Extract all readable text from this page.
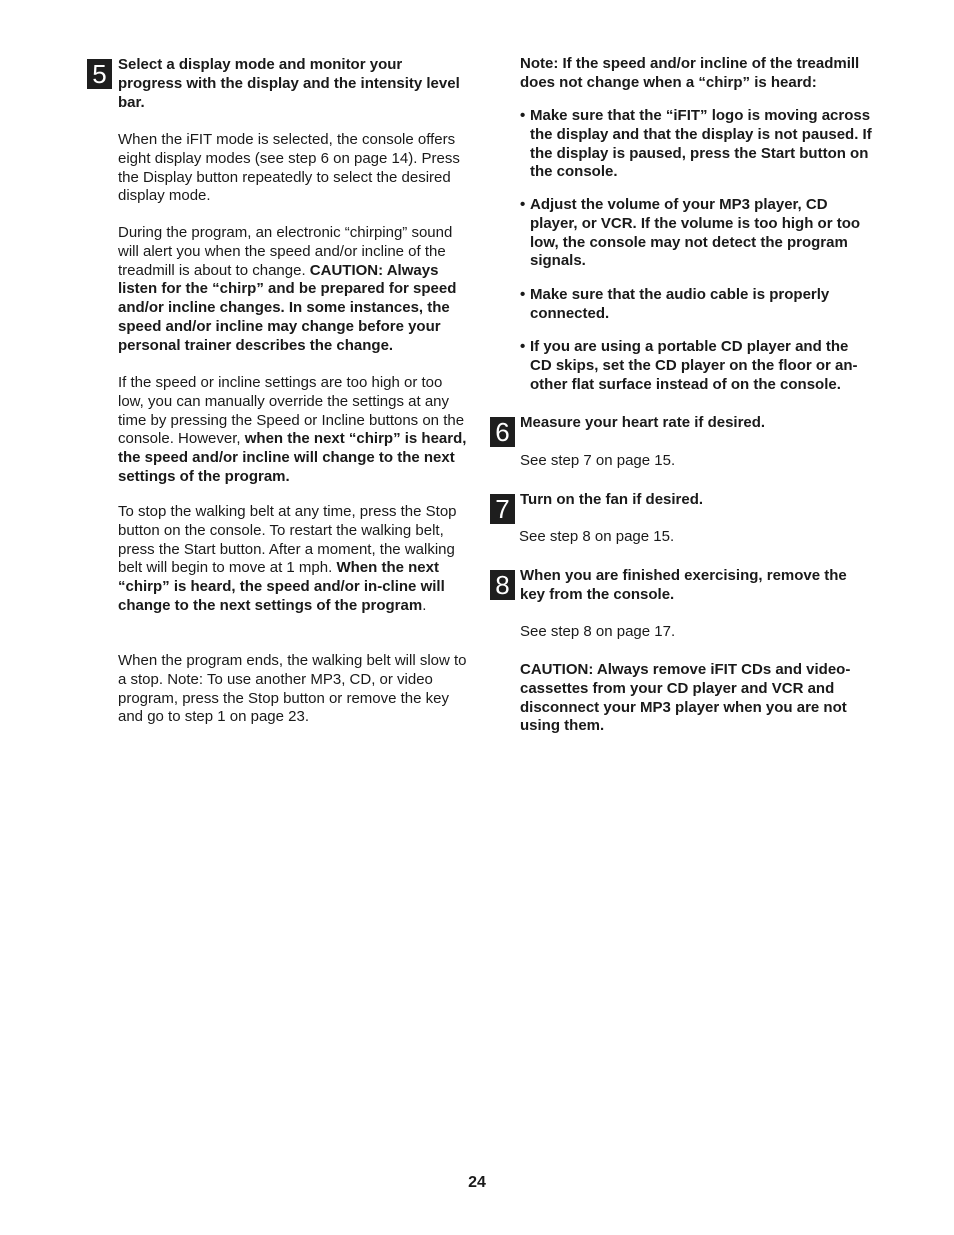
5 Select a display mode and monitor your progress with the display and the intensity level bar.

When the iFIT mode is selected, the console offers eight display modes (see step 6 on page 14). Press the Display button repeatedly to select the desired display mode.

During the program, an electronic “chirping” sound will alert you when the speed and/or incline of the treadmill is about to change. CAUTION: Always listen for the “chirp” and be prepared for speed and/or incline changes. In some instances, the speed and/or incline may change before your personal trainer describes the change.

If the speed or incline settings are too high or too low, you can manually override the settings at any time by pressing the Speed or Incline buttons on the console. However, when the next “chirp” is heard, the speed and/or incline will change to the next settings of the program.

To stop the walking belt at any time, press the Stop button on the console. To restart the walking belt, press the Start button. After a moment, the walking belt will begin to move at 1 mph. When the next “chirp” is heard, the speed and/or in-cline will change to the next settings of the program.

When the program ends, the walking belt will slow to a stop. Note: To use another MP3, CD, or video program, press the Stop button or remove the key and go to step 1 on page 23.

Note: If the speed and/or incline of the treadmill does not change when a “chirp” is heard:

• Make sure that the “iFIT” logo is moving across the display and that the display is not paused. If the display is paused, press the Start button on the console.
• Adjust the volume of your MP3 player, CD player, or VCR. If the volume is too high or too low, the console may not detect the program signals.
• Make sure that the audio cable is properly connected.
• If you are using a portable CD player and the CD skips, set the CD player on the floor or an-other flat surface instead of on the console.
6 Measure your heart rate if desired.

See step 7 on page 15.

7 Turn on the fan if desired.

See step 8 on page 15.

8 When you are finished exercising, remove the key from the console.

See step 8 on page 17.

CAUTION: Always remove iFIT CDs and video-cassettes from your CD player and VCR and disconnect your MP3 player when you are not using them.

24
